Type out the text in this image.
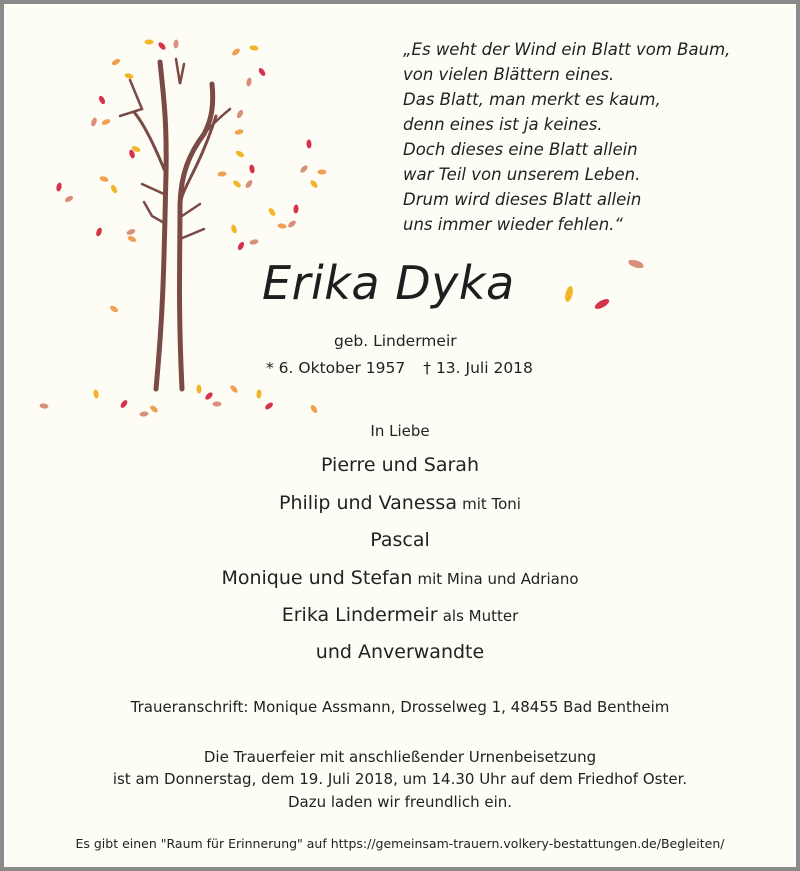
„Es weht der Wind ein Blatt vom Baum,
von vielen Blättern eines.
Das Blatt, man merkt es kaum,
denn eines ist ja keines.
Doch dieses eine Blatt allein
war Teil von unserem Leben.
Drum wird dieses Blatt allein
uns immer wieder fehlen.“
Erika Dyka
geb. Lindermeir
* 6. Oktober 1957 † 13. Juli 2018
In Liebe
Pierre und Sarah
Philip und Vanessa mit Toni
Pascal
Monique und Stefan mit Mina und Adriano
Erika Lindermeir als Mutter
und Anverwandte
Traueranschrift: Monique Assmann, Drosselweg 1, 48455 Bad Bentheim
Die Trauerfeier mit anschließender Urnenbeisetzung
ist am Donnerstag, dem 19. Juli 2018, um 14.30 Uhr auf dem Friedhof Oster.
Dazu laden wir freundlich ein.
Es gibt einen "Raum für Erinnerung" auf https://gemeinsam-trauern.volkery-bestattungen.de/Begleiten/
